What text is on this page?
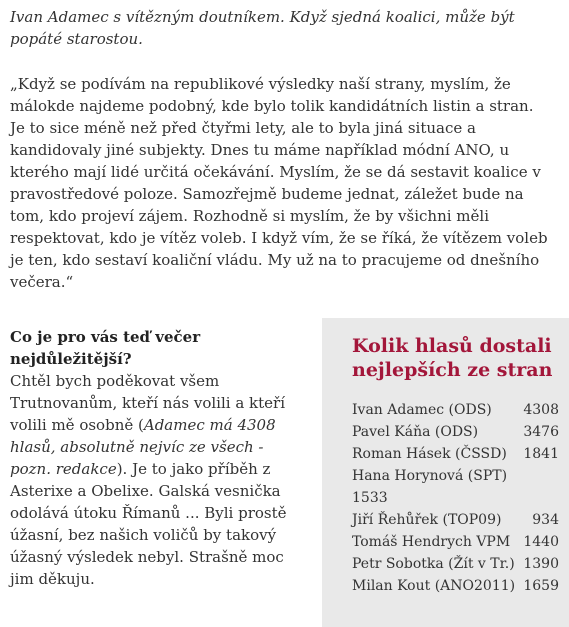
Ivan Adamec s vítězným doutníkem. Když sjedná koalici, může být popáté starostou.

„Když se podívám na republikové výsledky naší strany, myslím, že málokde najdeme podobný, kde bylo tolik kandidátních listin a stran. Je to sice méně než před čtyřmi lety, ale to byla jiná situace a kandidovaly jiné subjekty. Dnes tu máme například módní ANO, u kterého mají lidé určitá očekávání. Myslím, že se dá sestavit koalice v pravostředové poloze. Samozřejmě budeme jednat, záležet bude na tom, kdo projeví zájem. Rozhodně si myslím, že by všichni měli respektovat, kdo je vítěz voleb. I když vím, že se říká, že vítězem voleb je ten, kdo sestaví koaliční vládu. My už na to pracujeme od dnešního večera.“

Co je pro vás teď večer nejdůležitější?
Chtěl bych poděkovat všem Trutnovanům, kteří nás volili a kteří volili mě osobně (Adamec má 4308 hlasů, absolutně nejvíc ze všech - pozn. redakce). Je to jako příběh z Asterixe a Obelixe. Galská vesnička odolává útoku Římanů ... Byli prostě úžasní, bez našich voličů by takový úžasný výsledek nebyl. Strašně moc jim děkuju.
Kolik hlasů dostali nejlepších ze stran
Ivan Adamec (ODS) 4308
Pavel Káňa (ODS)	3476
Roman Hásek (ČSSD) 1841
Hana Horynová (SPT)
1533
Jiří Řehůřek (TOP09) 934
Tomáš Hendrych VPM 1440
Petr Sobotka (Žít v Tr.) 1390
Milan Kout (ANO2011) 1659
